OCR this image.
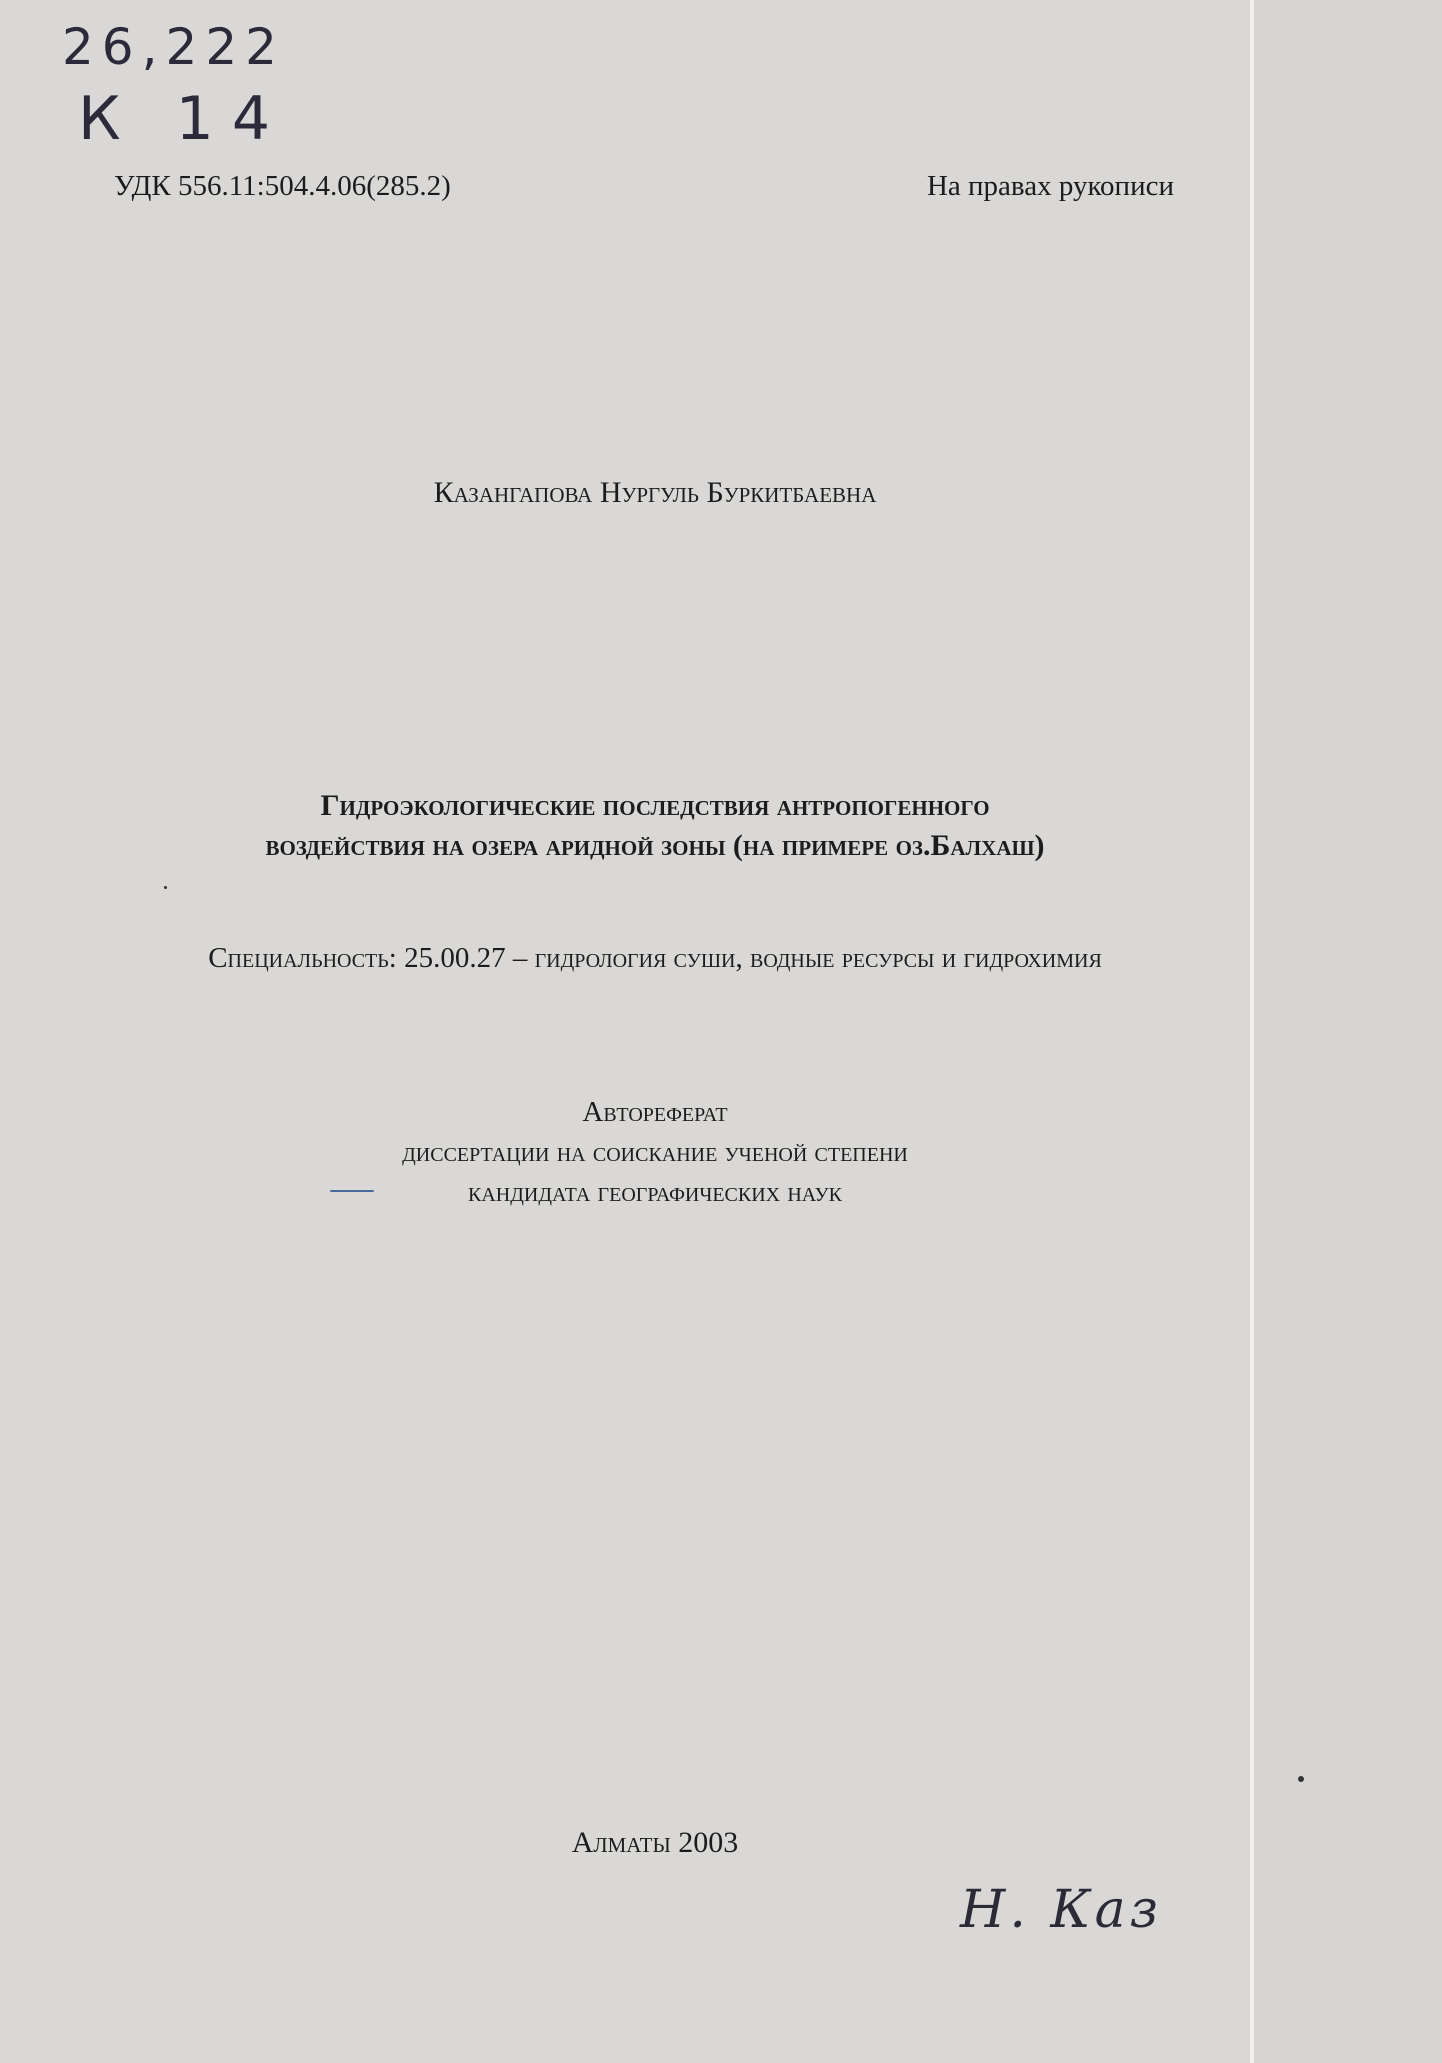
26,222
К 14
УДК 556.11:504.4.06(285.2)	На правах рукописи
Казангапова Нургуль Буркитбаевна
Гидроэкологические последствия антропогенного
воздействия на озера аридной зоны (на примере оз.Балхаш)
Специальность: 25.00.27 – гидрология суши, водные ресурсы и гидрохимия
Автореферат
диссертации на соискание ученой степени
кандидата географических наук
Алматы 2003
Н. Каз
